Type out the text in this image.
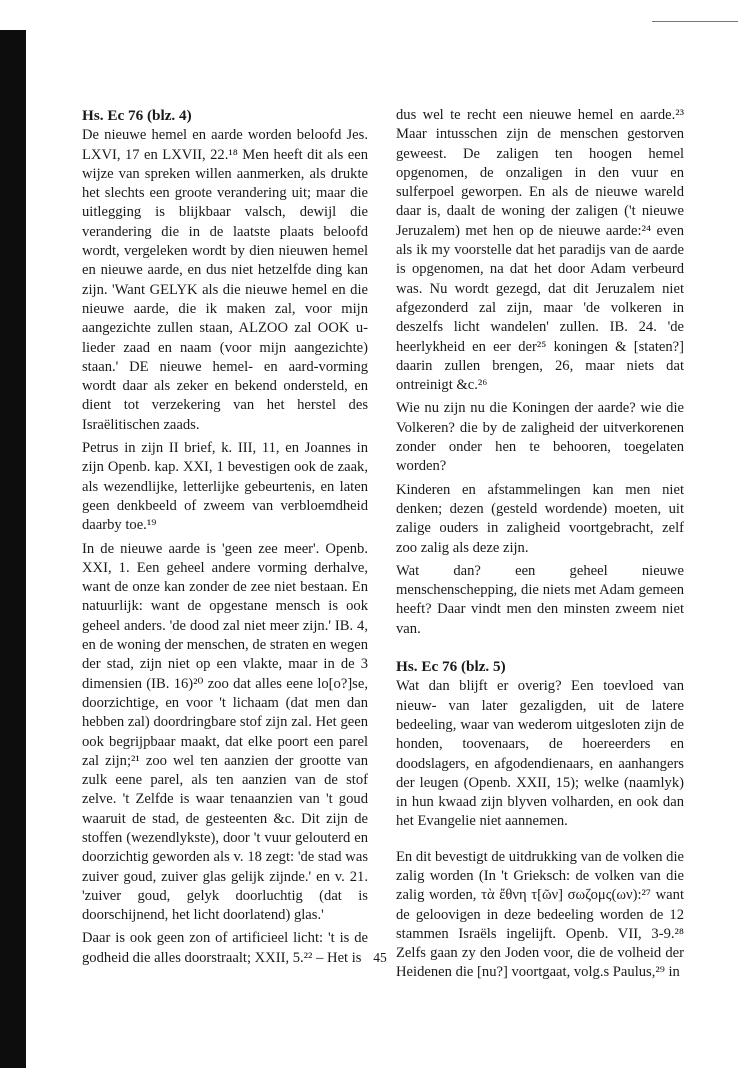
Hs. Ec 76 (blz. 4)

De nieuwe hemel en aarde worden beloofd Jes. LXVI, 17 en LXVII, 22.¹⁸ Men heeft dit als een wijze van spreken willen aanmerken, als drukte het slechts een groote verandering uit; maar die uitlegging is blijkbaar valsch, dewijl die verandering die in de laatste plaats beloofd wordt, vergeleken wordt by dien nieuwen hemel en nieuwe aarde, en dus niet hetzelfde ding kan zijn. 'Want GELYK als die nieuwe hemel en die nieuwe aarde, die ik maken zal, voor mijn aangezichte zullen staan, ALZOO zal OOK u-lieder zaad en naam (voor mijn aangezichte) staan.' DE nieuwe hemel- en aard-vorming wordt daar als zeker en bekend ondersteld, en dient tot verzekering van het herstel des Israëlitischen zaads.

Petrus in zijn II brief, k. III, 11, en Joannes in zijn Openb. kap. XXI, 1 bevestigen ook de zaak, als wezendlijke, letterlijke gebeurtenis, en laten geen denkbeeld of zweem van verbloemdheid daarby toe.¹⁹

In de nieuwe aarde is 'geen zee meer'. Openb. XXI, 1. Een geheel andere vorming derhalve, want de onze kan zonder de zee niet bestaan. En natuurlijk: want de opgestane mensch is ook geheel anders. 'de dood zal niet meer zijn.' IB. 4, en de woning der menschen, de straten en wegen der stad, zijn niet op een vlakte, maar in de 3 dimensien (IB. 16)²⁰ zoo dat alles eene lo[o?]se, doorzichtige, en voor 't lichaam (dat men dan hebben zal) doordringbare stof zijn zal. Het geen ook begrijpbaar maakt, dat elke poort een parel zal zijn;²¹ zoo wel ten aanzien der grootte van zulk eene parel, als ten aanzien van de stof zelve. 't Zelfde is waar tenaanzien van 't goud waaruit de stad, de gesteenten &c. Dit zijn de stoffen (wezendlykste), door 't vuur gelouterd en doorzichtig geworden als v. 18 zegt: 'de stad was zuiver goud, zuiver glas gelijk zijnde.' en v. 21. 'zuiver goud, gelyk doorluchtig (dat is doorschijnend, het licht doorlatend) glas.'

Daar is ook geen zon of artificieel licht: 't is de godheid die alles doorstraalt; XXII, 5.²² – Het is

dus wel te recht een nieuwe hemel en aarde.²³ Maar intusschen zijn de menschen gestorven geweest. De zaligen ten hoogen hemel opgenomen, de onzaligen in den vuur en sulferpoel geworpen. En als de nieuwe wareld daar is, daalt de woning der zaligen ('t nieuwe Jeruzalem) met hen op de nieuwe aarde:²⁴ even als ik my voorstelle dat het paradijs van de aarde is opgenomen, na dat het door Adam verbeurd was. Nu wordt gezegd, dat dit Jeruzalem niet afgezonderd zal zijn, maar 'de volkeren in deszelfs licht wandelen' zullen. IB. 24. 'de heerlykheid en eer der²⁵ koningen & [staten?] daarin zullen brengen, 26, maar niets dat ontreinigt &c.²⁶

Wie nu zijn nu die Koningen der aarde? wie die Volkeren? die by de zaligheid der uitverkorenen zonder onder hen te behooren, toegelaten worden?

Kinderen en afstammelingen kan men niet denken; dezen (gesteld wordende) moeten, uit zalige ouders in zaligheid voortgebracht, zelf zoo zalig als deze zijn.

Wat dan? een geheel nieuwe menschenschepping, die niets met Adam gemeen heeft? Daar vindt men den minsten zweem niet van.

Hs. Ec 76 (blz. 5)

Wat dan blijft er overig? Een toevloed van nieuw- van later gezaligden, uit de latere bedeeling, waar van wederom uitgesloten zijn de honden, toovenaars, de hoereerders en doodslagers, en afgodendienaars, en aanhangers der leugen (Openb. XXII, 15); welke (naamlyk) in hun kwaad zijn blyven volharden, en ook dan het Evangelie niet aannemen.

En dit bevestigt de uitdrukking van de volken die zalig worden (In 't Grieksch: de volken van die zalig worden, τὰ ἔθνη τ[ῶν] σωζομς(ων):²⁷ want de geloovigen in deze bedeeling worden de 12 stammen Israëls ingelijft. Openb. VII, 3-9.²⁸ Zelfs gaan zy den Joden voor, die de volheid der Heidenen die [nu?] voortgaat, volg.s Paulus,²⁹ in

45
